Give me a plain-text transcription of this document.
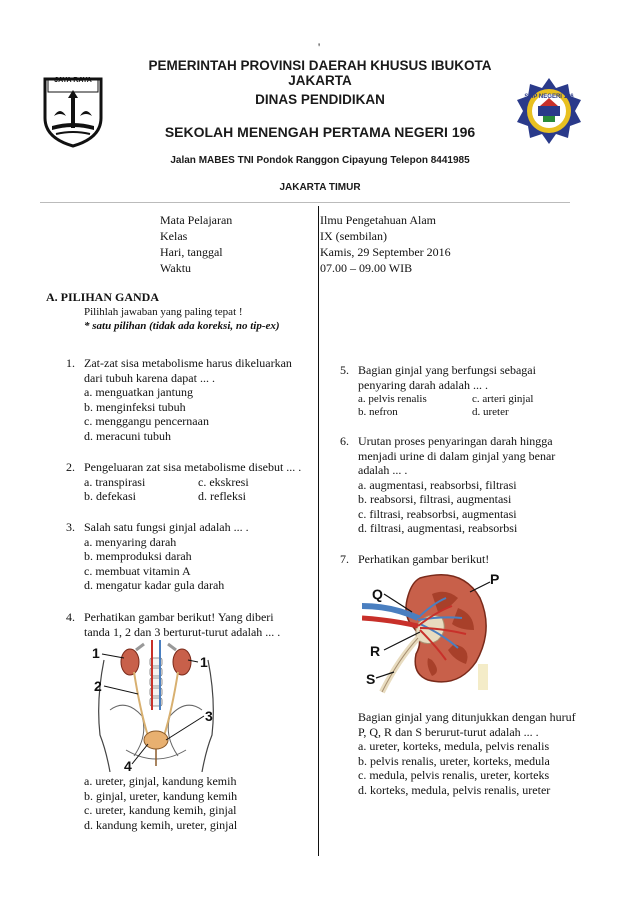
'
JAYA RAYA
PEMERINTAH PROVINSI DAERAH KHUSUS IBUKOTA JAKARTA
DINAS PENDIDIKAN
SEKOLAH MENENGAH PERTAMA NEGERI 196
Jalan MABES TNI Pondok Ranggon Cipayung Telepon 8441985
JAKARTA TIMUR
SMP NEGERI 196
Mata Pelajaran	Ilmu Pengetahuan Alam
Kelas	IX (sembilan)
Hari, tanggal	Kamis, 29 September 2016
Waktu	07.00 – 09.00 WIB
A. PILIHAN GANDA
Pilihlah jawaban yang paling tepat !
* satu pilihan (tidak ada koreksi, no tip-ex)
1. Zat-zat sisa metabolisme harus dikeluarkan
dari tubuh karena dapat ... .
a. menguatkan jantung
b. menginfeksi tubuh
c. menggangu pencernaan
d. meracuni tubuh
2. Pengeluaran zat sisa metabolisme disebut ... .
a. transpirasi	c. ekskresi
b. defekasi	d. refleksi
3. Salah satu fungsi ginjal adalah ... .
a. menyaring darah
b. memproduksi darah
c. membuat vitamin A
d. mengatur kadar gula darah
4. Perhatikan gambar berikut! Yang diberi
tanda 1, 2 dan 3 berturut-turut adalah ... .
1
1
2
3
4
a. ureter, ginjal, kandung kemih
b. ginjal, ureter, kandung kemih
c. ureter, kandung kemih, ginjal
d. kandung kemih, ureter, ginjal
5. Bagian ginjal yang berfungsi sebagai
penyaring darah adalah ... .
a. pelvis renalis	c. arteri ginjal
b. nefron	d. ureter
6. Urutan proses penyaringan darah hingga
menjadi urine di dalam ginjal yang benar
adalah ... .
a. augmentasi, reabsorbsi, filtrasi
b. reabsorsi, filtrasi, augmentasi
c. filtrasi, reabsorbsi, augmentasi
d. filtrasi, augmentasi, reabsorbsi
7. Perhatikan gambar berikut!
P
Q
R
S
Bagian ginjal yang ditunjukkan dengan huruf
P, Q, R dan S berurut-turut adalah ... .
a. ureter, korteks, medula, pelvis renalis
b. pelvis renalis, ureter, korteks, medula
c. medula, pelvis renalis, ureter, korteks
d. korteks, medula, pelvis renalis, ureter
